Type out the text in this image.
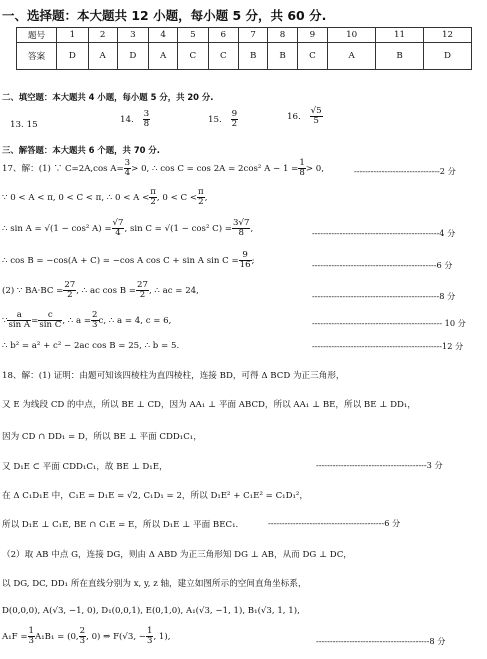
一、选择题：本大题共 12 小题，每小题 5 分，共 60 分.
题号	1	2	3	4	5	6	7	8	9	10	11	12
答案	D	A	D	A	C	C	B	B	C	A	B	D
二、填空题：本大题共 4 小题，每小题 5 分，共 20 分.
13. 15	14. $\frac{3}{8}$	15. $\frac{9}{2}$	16. $\frac{√5}{5}$
三、解答题：本大题共 6 个题，共 70 分.
17、解：(1) ∵ C=2A,cos $A= \frac{3}{4} > 0$, ∴ cos C = cos 2A = 2cos² $A - 1 = \frac{1}{8} > 0$,	-------------------------------2 分
∵ 0 < A < π, 0 < C < π, ∴ $0 < A < \frac{\pi}{2}$ , $0 < C < \frac{\pi}{2}$ ,
∴ sin A = √(1 − cos² $A) = \frac{√7}{4}$ , sin C = √(1 − cos² $C) = \frac{3√7}{8}$ ,	----------------------------------------------4 分
∴ cos B = −cos(A + C) = −cos A cos C + sin A $\sin C = \frac{9}{16}$ ;	---------------------------------------------6 分
(2) ∵ $BA\cdot BC = \frac{27}{2}$ , ∴ ac $\cos B = \frac{27}{2}$ , ∴ ac = 24,	----------------------------------------------8 分
∵ $\frac{a}{\text{sin A}} = \frac{c}{\text{sin C}}$ , ∴ $a = \frac{2}{3} c$, ∴ a = 4, c = 6,	----------------------------------------------- 10 分
∴ b² = a² + c² − 2ac cos B = 25, ∴ b = 5.	-----------------------------------------------12 分
18、解：(1) 证明：由题可知该四棱柱为直四棱柱，连接 BD，可得 Δ BCD 为正三角形，
又 E 为线段 CD 的中点，所以 BE ⊥ CD，因为 AA₁ ⊥ 平面 ABCD，所以 AA₁ ⊥ BE，所以 BE ⊥ DD₁，
因为 CD ∩ DD₁ = D，所以 BE ⊥ 平面 CDD₁C₁，
又 D₁E ⊂ 平面 CDD₁C₁，故 BE ⊥ D₁E，	----------------------------------------3 分
在 Δ C₁D₁E 中，C₁E = D₁E = √2, C₁D₁ = 2，所以 D₁E² + C₁E² = C₁D₁²，
所以 D₁E ⊥ C₁E, BE ∩ C₁E = E，所以 D₁E ⊥ 平面 BEC₁.	------------------------------------------6 分
（2）取 AB 中点 G，连接 DG，则由 Δ ABD 为正三角形知 DG ⊥ AB，从而 DG ⊥ DC，
以 DG, DC, DD₁ 所在直线分别为 x, y, z 轴，建立如图所示的空间直角坐标系，
D(0,0,0), A(√3, −1, 0), D₁(0,0,1), E(0,1,0), A₁(√3, −1, 1), B₁(√3, 1, 1),
$A_1F = \frac{1}{3} A_1B_1 = (0$, $\frac{2}{3}$ , 0) ⇒ F(√3, − $\frac{1}{3}$ , 1),	-----------------------------------------8 分
